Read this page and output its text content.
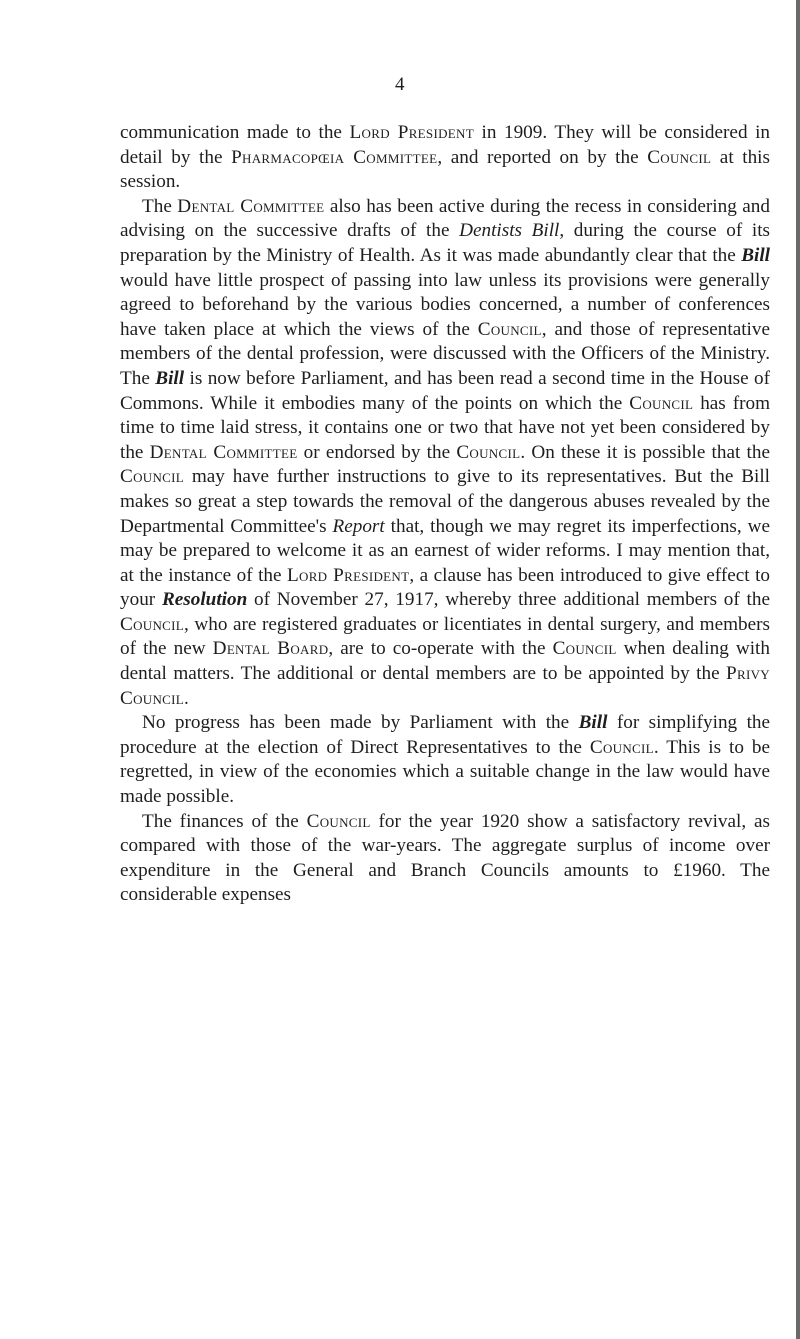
4

communication made to the Lord President in 1909. They will be considered in detail by the Pharmacopœia Committee, and reported on by the Council at this session.

The Dental Committee also has been active during the recess in considering and advising on the successive drafts of the Dentists Bill, during the course of its preparation by the Ministry of Health. As it was made abundantly clear that the Bill would have little prospect of passing into law unless its provisions were generally agreed to beforehand by the various bodies concerned, a number of conferences have taken place at which the views of the Council, and those of representative members of the dental profession, were discussed with the Officers of the Ministry. The Bill is now before Parliament, and has been read a second time in the House of Commons. While it embodies many of the points on which the Council has from time to time laid stress, it contains one or two that have not yet been considered by the Dental Committee or endorsed by the Council. On these it is possible that the Council may have further instructions to give to its representatives. But the Bill makes so great a step towards the removal of the dangerous abuses revealed by the Departmental Committee's Report that, though we may regret its imperfections, we may be prepared to welcome it as an earnest of wider reforms. I may mention that, at the instance of the Lord President, a clause has been introduced to give effect to your Resolution of November 27, 1917, whereby three additional members of the Council, who are registered graduates or licentiates in dental surgery, and members of the new Dental Board, are to co-operate with the Council when dealing with dental matters. The additional or dental members are to be appointed by the Privy Council.

No progress has been made by Parliament with the Bill for simplifying the procedure at the election of Direct Representatives to the Council. This is to be regretted, in view of the economies which a suitable change in the law would have made possible.

The finances of the Council for the year 1920 show a satisfactory revival, as compared with those of the war-years. The aggregate surplus of income over expenditure in the General and Branch Councils amounts to £1960. The considerable expenses
